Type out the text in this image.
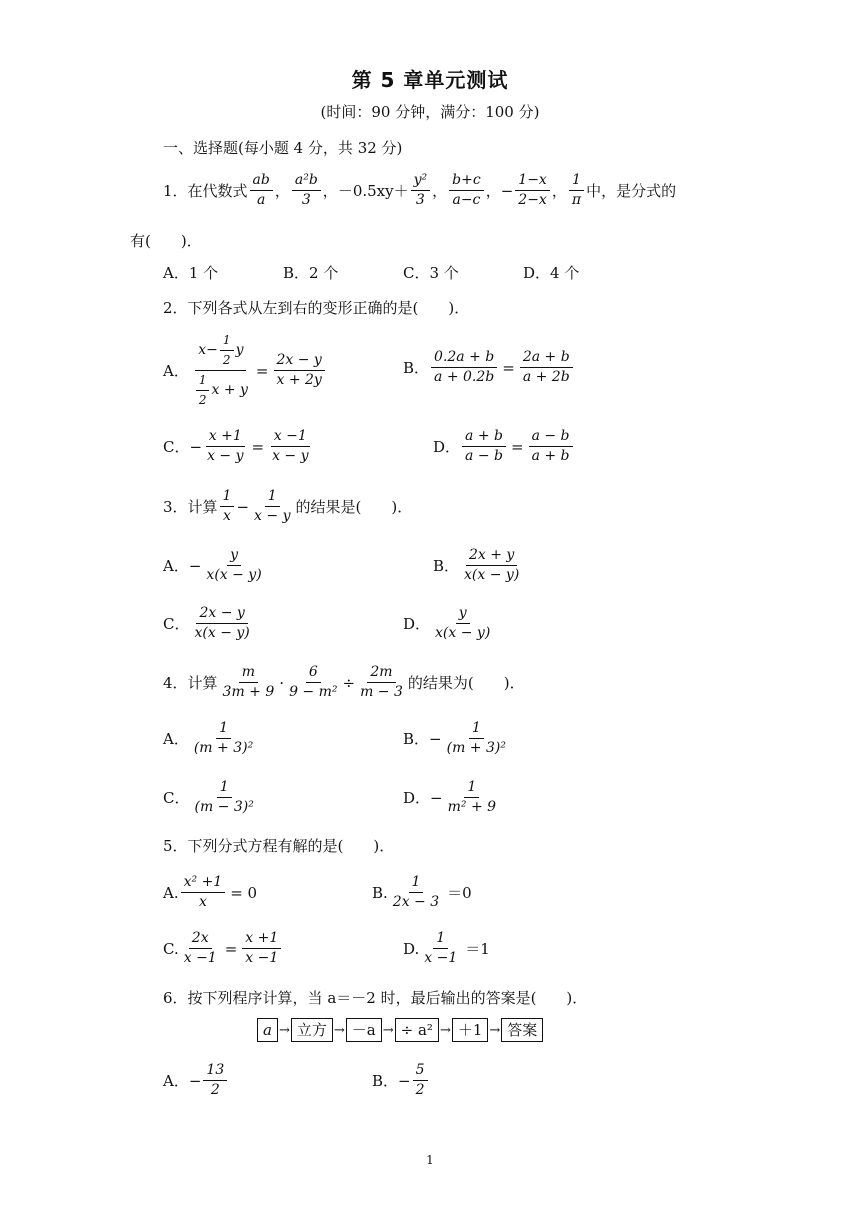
第 5 章单元测试
(时间：90 分钟，满分：100 分)
一、选择题(每小题 4 分，共 32 分)
1．在代数式 $\frac{ab}{a}$ ， $\frac{\text{a²b}}{3}$ ， $-0.5xy+ \frac{\text{y²}}{3}$ ， $\frac{b+c}{a-c}$ ， − $\frac{1-x}{2-x}$ ， $\frac{1}{\pi}$ 中，是分式的
有(　　)．
A．1 个	B．2 个	C．3 个	D．4 个
2．下列各式从左到右的变形正确的是(　　)．
A． $\frac{x- \frac{1}{2} y}{\frac{1}{2} x + y} = \frac{2x - y}{x + 2y}$	B． $\frac{0.2a + b}{a + 0.2b} = \frac{2a + b}{a + 2b}$
C． − $\frac{x +1}{x - y} = \frac{x -1}{x - y}$	D． $\frac{a + b}{a - b} = \frac{a - b}{a + b}$
3．计算 $\frac{1}{x} - \frac{1}{x - y}$ 的结果是(　　)．
A． − $\frac{y}{x(x - y)}$	B． $\frac{2x + y}{x(x - y)}$
C． $\frac{2x - y}{x(x - y)}$	D． $\frac{y}{x(x - y)}$
4．计算 $\frac{m}{3m + 9} \cdot \frac{6}{\text{9 − m²}} \div \frac{2m}{m - 3}$ 的结果为(　　)．
A． $\frac{1}{\text{(m + 3)²}}$	B． − $\frac{1}{\text{(m + 3)²}}$
C． $\frac{1}{\text{(m − 3)²}}$	D． − $\frac{1}{\text{m² + 9}}$
5．下列分式方程有解的是(　　)．
A. $\frac{\text{x² +1}}{x} = 0$	B. $\frac{1}{2x - 3} =0$
C. $\frac{2x}{x -1} = \frac{x +1}{x -1}$	D. $\frac{1}{x -1} =1$
6．按下列程序计算，当 a＝－2 时，最后输出的答案是(　　)．
a → 立方 → －a → ÷ a² → ＋1 → 答案
A． − $\frac{13}{2}$	B． − $\frac{5}{2}$
1
